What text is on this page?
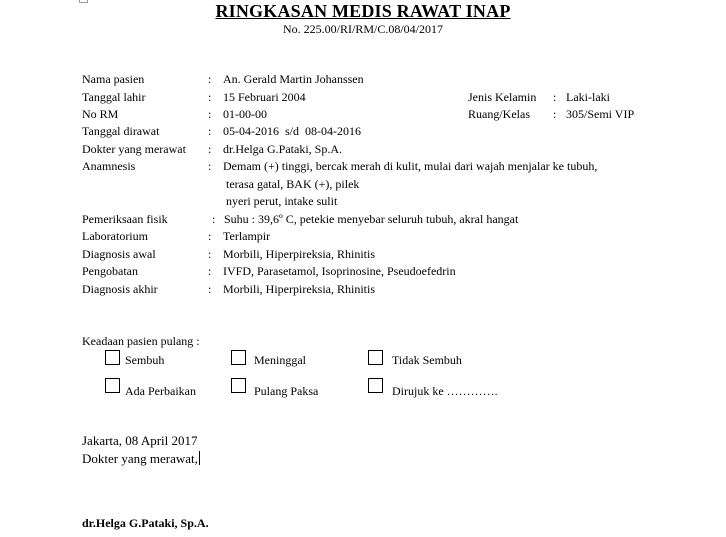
RINGKASAN MEDIS RAWAT INAP
No. 225.00/RI/RM/C.08/04/2017
Nama pasien	: An. Gerald Martin Johanssen
Tanggal lahir	: 15 Februari 2004	Jenis Kelamin : Laki-laki
No RM	: 01-00-00	Ruang/Kelas : 305/Semi VIP
Tanggal dirawat	: 05-04-2016  s/d  08-04-2016
Dokter yang merawat : dr.Helga G.Pataki, Sp.A.
Anamnesis	: Demam (+) tinggi, bercak merah di kulit, mulai dari wajah menjalar ke tubuh,
terasa gatal, BAK (+), pilek
nyeri perut, intake sulit
Pemeriksaan fisik	: Suhu : 39,6º C, petekie menyebar seluruh tubuh, akral hangat
Laboratorium	: Terlampir
Diagnosis awal	: Morbili, Hiperpireksia, Rhinitis
Pengobatan	: IVFD, Parasetamol, Isoprinosine, Pseudoefedrin
Diagnosis akhir	: Morbili, Hiperpireksia, Rhinitis
Keadaan pasien pulang :
Sembuh	Meninggal	Tidak Sembuh
Ada Perbaikan	Pulang Paksa	Dirujuk ke ………….
Jakarta, 08 April 2017
Dokter yang merawat,
dr.Helga G.Pataki, Sp.A.
